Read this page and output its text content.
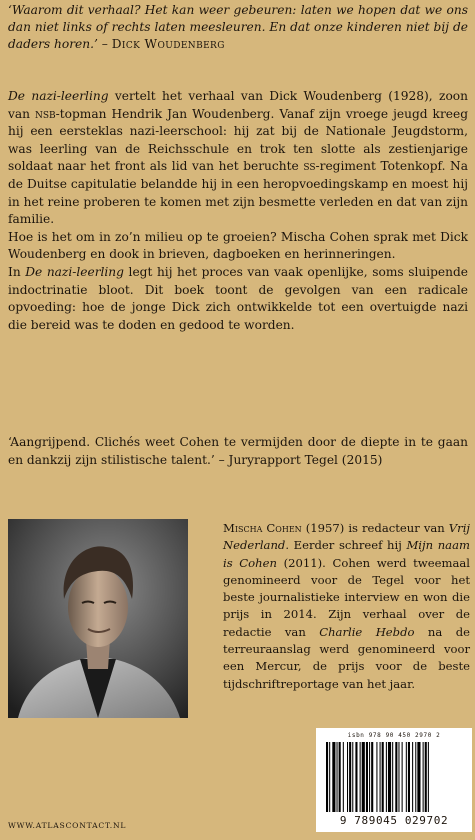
‘Waarom dit verhaal? Het kan weer gebeuren: laten we hopen dat we ons dan niet links of rechts laten meesleuren. En dat onze kinderen niet bij de daders horen.’ – Dick Woudenberg

De nazi-leerling vertelt het verhaal van Dick Woudenberg (1928), zoon van nsb-topman Hendrik Jan Woudenberg. Vanaf zijn vroege jeugd kreeg hij een eersteklas nazi-leerschool: hij zat bij de Nationale Jeugdstorm, was leerling van de Reichsschule en trok ten slotte als zestienjarige soldaat naar het front als lid van het beruchte ss-regiment Totenkopf. Na de Duitse capitulatie belandde hij in een heropvoedingskamp en moest hij in het reine proberen te komen met zijn besmette verleden en dat van zijn familie.

Hoe is het om in zo’n milieu op te groeien? Mischa Cohen sprak met Dick Woudenberg en dook in brieven, dagboeken en herinneringen.

In De nazi-leerling legt hij het proces van vaak openlijke, soms sluipende indoctrinatie bloot. Dit boek toont de gevolgen van een radicale opvoeding: hoe de jonge Dick zich ontwikkelde tot een overtuigde nazi die bereid was te doden en gedood te worden.

‘Aangrijpend. Clichés weet Cohen te vermijden door de diepte in te gaan en dankzij zijn stilistische talent.’ – Juryrapport Tegel (2015)
Mischa Cohen (1957) is redacteur van Vrij Nederland. Eerder schreef hij Mijn naam is Cohen (2011). Cohen werd tweemaal genomineerd voor de Tegel voor het beste journalistieke interview en won die prijs in 2014. Zijn verhaal over de redactie van Charlie Hebdo na de terreuraanslag werd genomineerd voor een Mercur, de prijs voor de beste tijdschriftreportage van het jaar.
isbn 978 90 450 2970 2
9 789045 029702
WWW.ATLASCONTACT.NL
